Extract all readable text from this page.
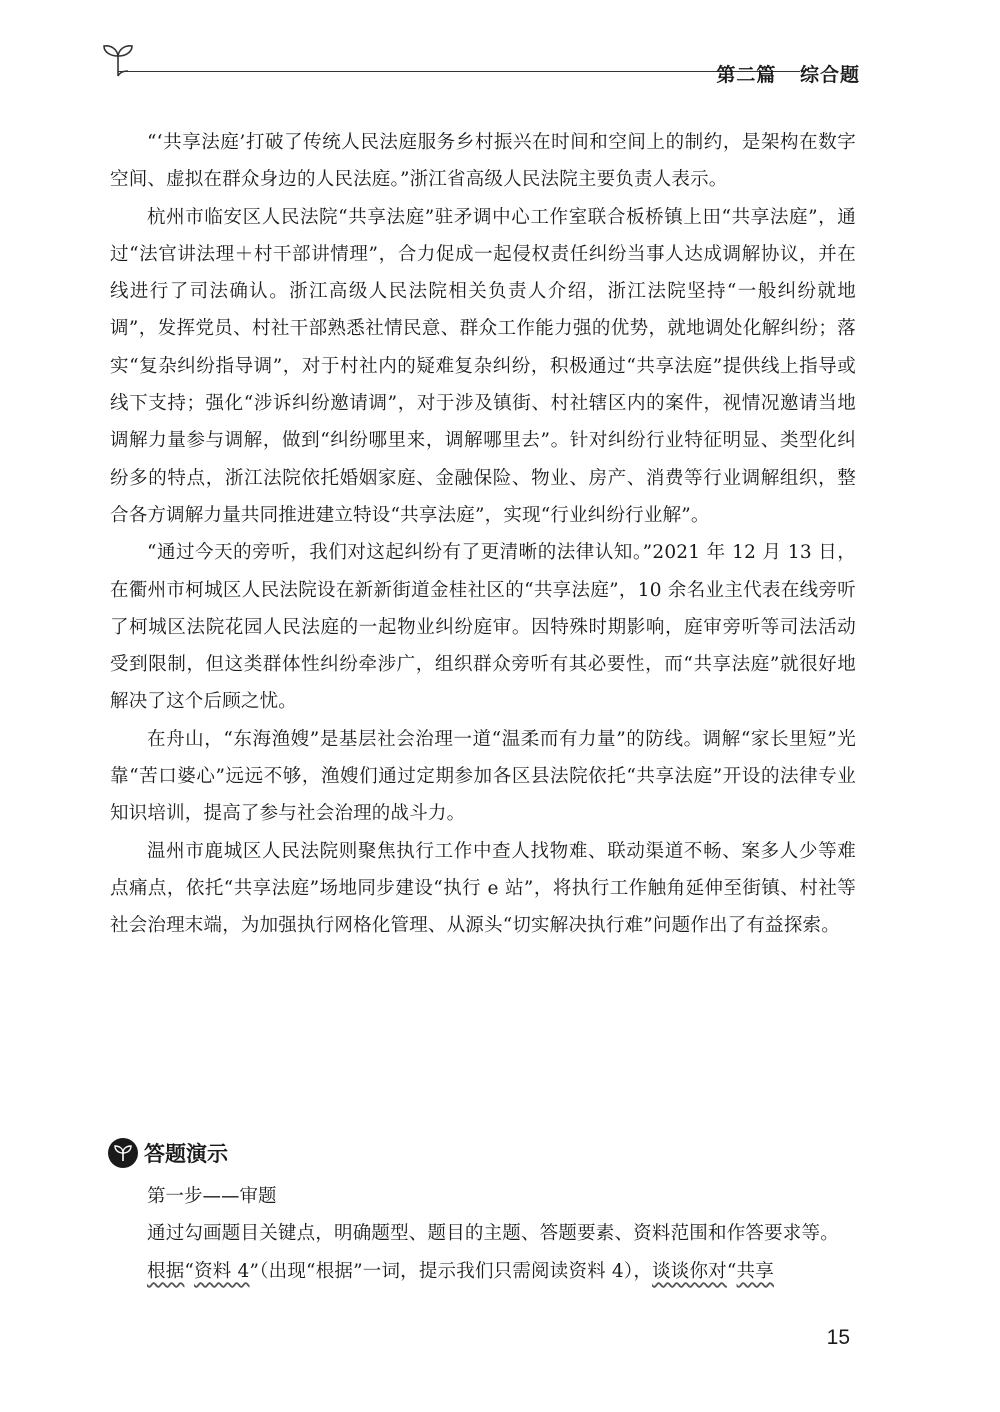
第二篇 综合题

“‘共享法庭’打破了传统人民法庭服务乡村振兴在时间和空间上的制约，是架构在数字空间、虚拟在群众身边的人民法庭。”浙江省高级人民法院主要负责人表示。

杭州市临安区人民法院“共享法庭”驻矛调中心工作室联合板桥镇上田“共享法庭”，通过“法官讲法理＋村干部讲情理”，合力促成一起侵权责任纠纷当事人达成调解协议，并在线进行了司法确认。浙江高级人民法院相关负责人介绍，浙江法院坚持“一般纠纷就地调”，发挥党员、村社干部熟悉社情民意、群众工作能力强的优势，就地调处化解纠纷；落实“复杂纠纷指导调”，对于村社内的疑难复杂纠纷，积极通过“共享法庭”提供线上指导或线下支持；强化“涉诉纠纷邀请调”，对于涉及镇街、村社辖区内的案件，视情况邀请当地调解力量参与调解，做到“纠纷哪里来，调解哪里去”。针对纠纷行业特征明显、类型化纠纷多的特点，浙江法院依托婚姻家庭、金融保险、物业、房产、消费等行业调解组织，整合各方调解力量共同推进建立特设“共享法庭”，实现“行业纠纷行业解”。

“通过今天的旁听，我们对这起纠纷有了更清晰的法律认知。”2021 年 12 月 13 日，在衢州市柯城区人民法院设在新新街道金桂社区的“共享法庭”，10 余名业主代表在线旁听了柯城区法院花园人民法庭的一起物业纠纷庭审。因特殊时期影响，庭审旁听等司法活动受到限制，但这类群体性纠纷牵涉广，组织群众旁听有其必要性，而“共享法庭”就很好地解决了这个后顾之忧。

在舟山，“东海渔嫂”是基层社会治理一道“温柔而有力量”的防线。调解“家长里短”光靠“苦口婆心”远远不够，渔嫂们通过定期参加各区县法院依托“共享法庭”开设的法律专业知识培训，提高了参与社会治理的战斗力。

温州市鹿城区人民法院则聚焦执行工作中查人找物难、联动渠道不畅、案多人少等难点痛点，依托“共享法庭”场地同步建设“执行 e 站”，将执行工作触角延伸至街镇、村社等社会治理末端，为加强执行网格化管理、从源头“切实解决执行难”问题作出了有益探索。

答题演示

第一步——审题

通过勾画题目关键点，明确题型、题目的主题、答题要素、资料范围和作答要求等。

根据“资料 4”（出现“根据”一词，提示我们只需阅读资料 4），谈谈你对“共享

15
